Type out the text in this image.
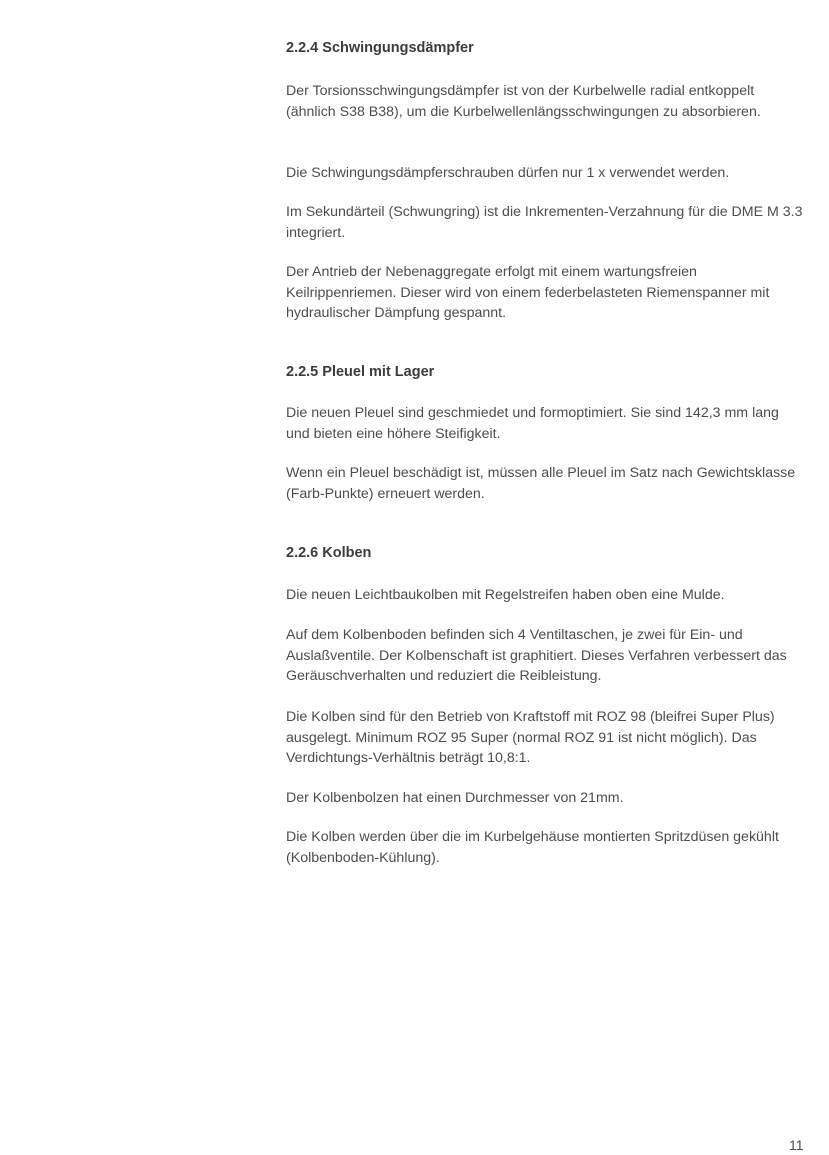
2.2.4 Schwingungsdämpfer

Der Torsionsschwingungsdämpfer ist von der Kurbelwelle radial entkoppelt (ähnlich S38 B38), um die Kurbelwellenlängsschwingungen zu absorbieren.

Die Schwingungsdämpferschrauben dürfen nur 1 x verwendet werden.

Im Sekundärteil (Schwungring) ist die Inkrementen-Verzahnung für die DME M 3.3 integriert.

Der Antrieb der Nebenaggregate erfolgt mit einem wartungsfreien Keilrippenriemen. Dieser wird von einem federbelasteten Riemenspanner mit hydraulischer Dämpfung gespannt.

2.2.5 Pleuel mit Lager

Die neuen Pleuel sind geschmiedet und formoptimiert. Sie sind 142,3 mm lang und bieten eine höhere Steifigkeit.

Wenn ein Pleuel beschädigt ist, müssen alle Pleuel im Satz nach Gewichtsklasse (Farb-Punkte) erneuert werden.

2.2.6 Kolben

Die neuen Leichtbaukolben mit Regelstreifen haben oben eine Mulde.

Auf dem Kolbenboden befinden sich 4 Ventiltaschen, je zwei für Ein- und Auslaßventile. Der Kolbenschaft ist graphitiert. Dieses Verfahren verbessert das Geräuschverhalten und reduziert die Reibleistung.

Die Kolben sind für den Betrieb von Kraftstoff mit ROZ 98 (bleifrei Super Plus) ausgelegt. Minimum ROZ 95 Super (normal ROZ 91 ist nicht möglich). Das Verdichtungs-Verhältnis beträgt 10,8:1.

Der Kolbenbolzen hat einen Durchmesser von 21mm.

Die Kolben werden über die im Kurbelgehäuse montierten Spritzdüsen gekühlt (Kolbenboden-Kühlung).

11
